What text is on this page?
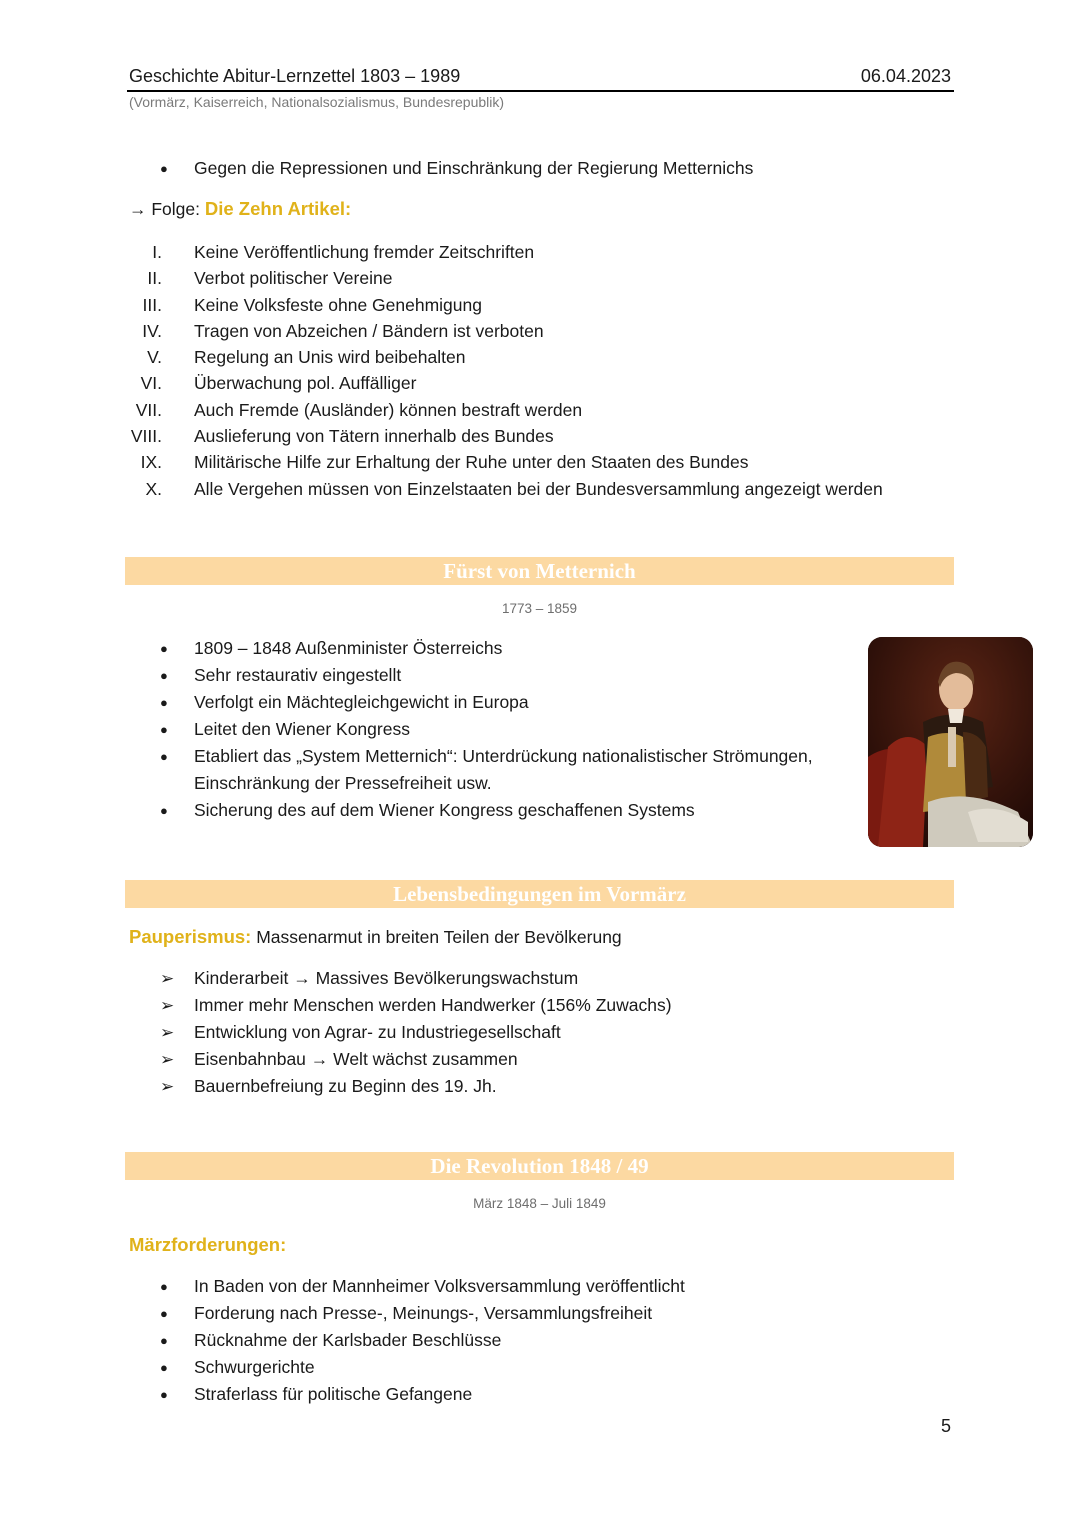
Geschichte Abitur-Lernzettel 1803 – 1989	06.04.2023
(Vormärz, Kaiserreich, Nationalsozialismus, Bundesrepublik)
● Gegen die Repressionen und Einschränkung der Regierung Metternichs
→ Folge: Die Zehn Artikel:
I. Keine Veröffentlichung fremder Zeitschriften
II. Verbot politischer Vereine
III. Keine Volksfeste ohne Genehmigung
IV. Tragen von Abzeichen / Bändern ist verboten
V. Regelung an Unis wird beibehalten
VI. Überwachung pol. Auffälliger
VII. Auch Fremde (Ausländer) können bestraft werden
VIII. Auslieferung von Tätern innerhalb des Bundes
IX. Militärische Hilfe zur Erhaltung der Ruhe unter den Staaten des Bundes
X. Alle Vergehen müssen von Einzelstaaten bei der Bundesversammlung angezeigt werden
Fürst von Metternich
1773 – 1859
● 1809 – 1848 Außenminister Österreichs
● Sehr restaurativ eingestellt
● Verfolgt ein Mächtegleichgewicht in Europa
● Leitet den Wiener Kongress
● Etabliert das „System Metternich“: Unterdrückung nationalistischer Strömungen, Einschränkung der Pressefreiheit usw.
● Sicherung des auf dem Wiener Kongress geschaffenen Systems
Lebensbedingungen im Vormärz
Pauperismus: Massenarmut in breiten Teilen der Bevölkerung
➢ Kinderarbeit → Massives Bevölkerungswachstum
➢ Immer mehr Menschen werden Handwerker (156% Zuwachs)
➢ Entwicklung von Agrar- zu Industriegesellschaft
➢ Eisenbahnbau → Welt wächst zusammen
➢ Bauernbefreiung zu Beginn des 19. Jh.
Die Revolution 1848 / 49
März 1848 – Juli 1849
Märzforderungen:
● In Baden von der Mannheimer Volksversammlung veröffentlicht
● Forderung nach Presse-, Meinungs-, Versammlungsfreiheit
● Rücknahme der Karlsbader Beschlüsse
● Schwurgerichte
● Straferlass für politische Gefangene
5
